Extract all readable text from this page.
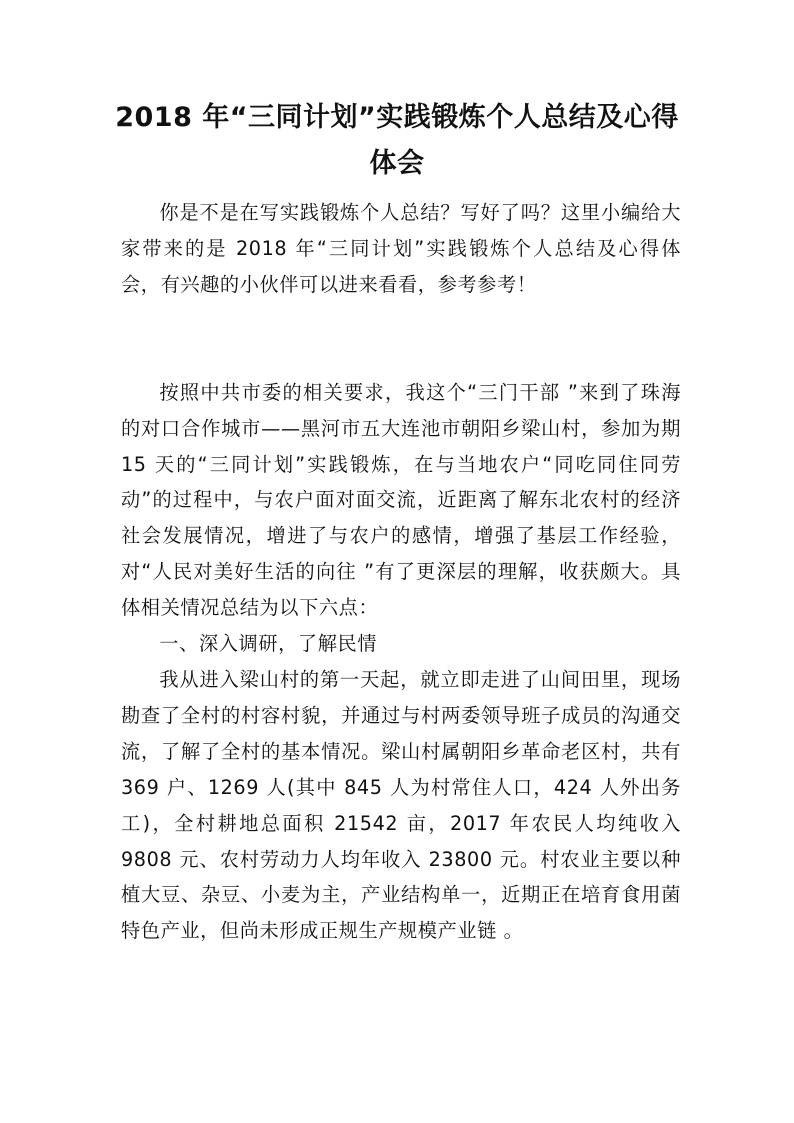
2018 年“三同计划”实践锻炼个人总结及心得体会

你是不是在写实践锻炼个人总结？写好了吗？这里小编给大家带来的是 2018 年“三同计划”实践锻炼个人总结及心得体会，有兴趣的小伙伴可以进来看看，参考参考！

按照中共市委的相关要求，我这个“三门干部 ”来到了珠海的对口合作城市——黑河市五大连池市朝阳乡梁山村，参加为期 15 天的“三同计划”实践锻炼，在与当地农户“同吃同住同劳动”的过程中，与农户面对面交流，近距离了解东北农村的经济社会发展情况，增进了与农户的感情，增强了基层工作经验，对“人民对美好生活的向往 ”有了更深层的理解，收获颇大。具体相关情况总结为以下六点：

一、深入调研，了解民情

我从进入梁山村的第一天起，就立即走进了山间田里，现场勘查了全村的村容村貌，并通过与村两委领导班子成员的沟通交流，了解了全村的基本情况。梁山村属朝阳乡革命老区村，共有 369 户、1269 人(其中 845 人为村常住人口，424 人外出务工)，全村耕地总面积 21542 亩，2017 年农民人均纯收入 9808 元、农村劳动力人均年收入 23800 元。村农业主要以种植大豆、杂豆、小麦为主，产业结构单一，近期正在培育食用菌特色产业，但尚未形成正规生产规模产业链 。
